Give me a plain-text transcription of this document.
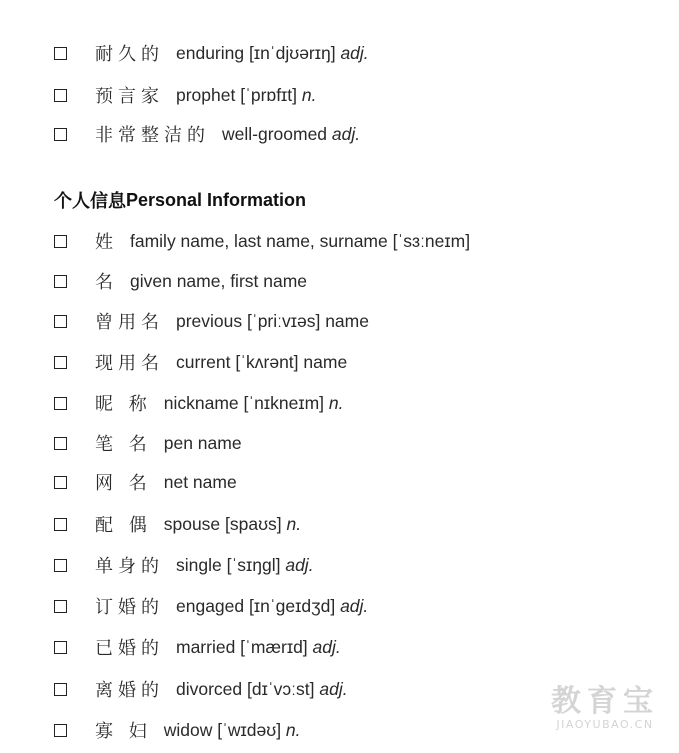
耐久的 enduring [ɪnˈdjʊərɪŋ] adj.
预言家 prophet [ˈprɒfɪt] n.
非常整洁的 well-groomed adj.
个人信息 Personal Information
姓 family name, last name, surname [ˈsɜːneɪm]
名 given name, first name
曾用名 previous [ˈpriːvɪəs] name
现用名 current [ˈkʌrənt] name
昵 称 nickname [ˈnɪkneɪm] n.
笔 名 pen name
网 名 net name
配 偶 spouse [spaʊs] n.
单身的 single [ˈsɪŋgl] adj.
订婚的 engaged [ɪnˈgeɪdʒd] adj.
已婚的 married [ˈmærɪd] adj.
离婚的 divorced [dɪˈvɔːst] adj.
寡 妇 widow [ˈwɪdəʊ] n.
教育宝
JIAOYUBAO.CN
